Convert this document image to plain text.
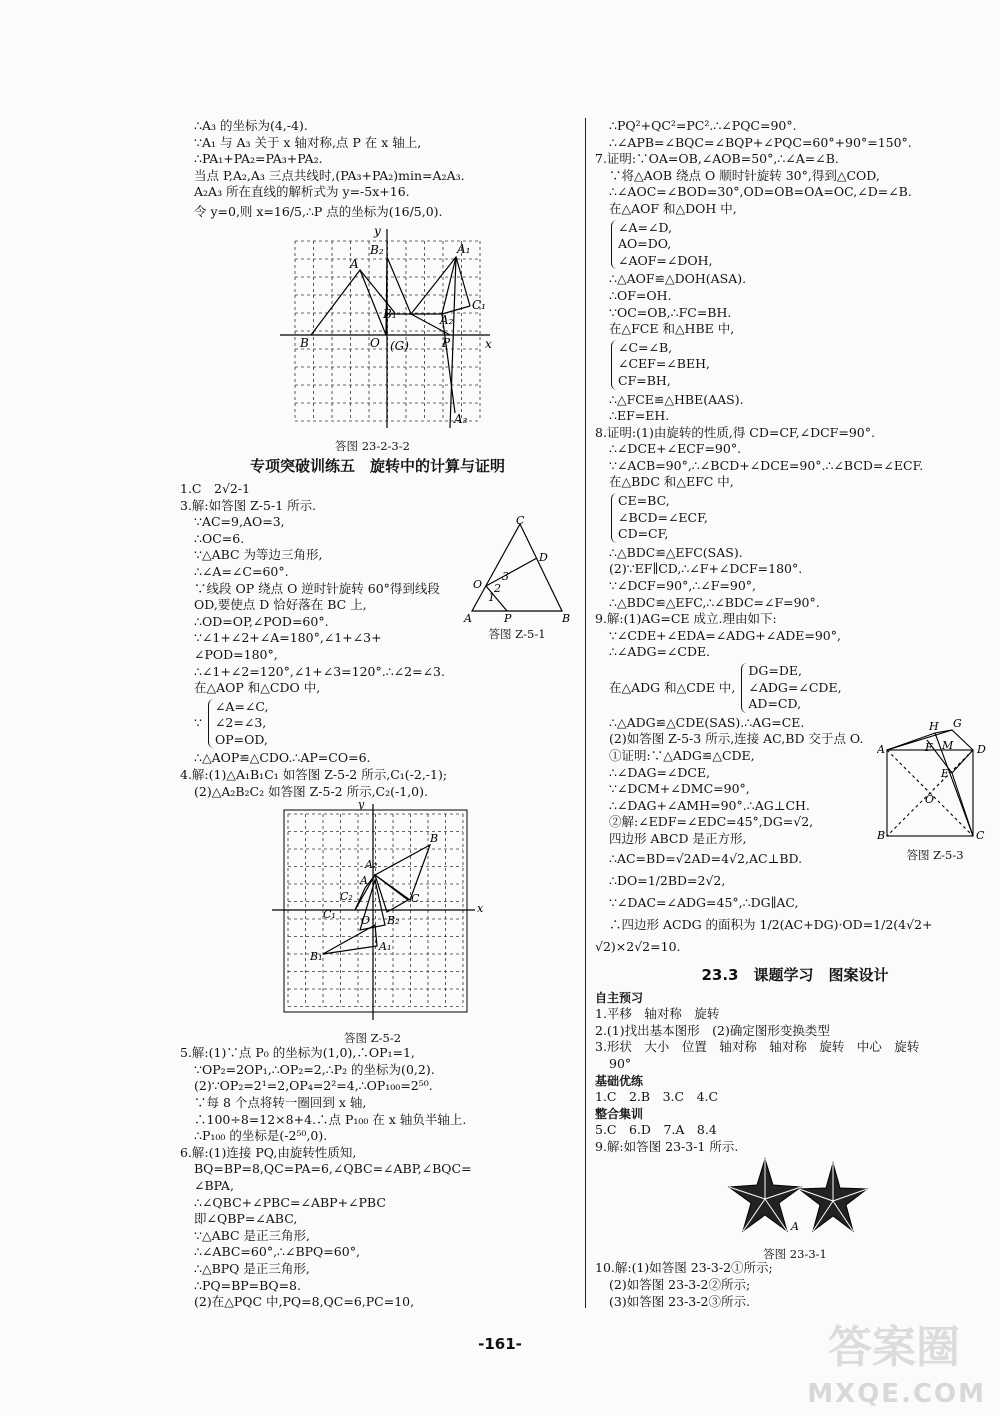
∴A₃ 的坐标为(4,-4).
∵A₁ 与 A₃ 关于 x 轴对称,点 P 在 x 轴上,
∴PA₁+PA₂=PA₃+PA₂.
当点 P,A₂,A₃ 三点共线时,(PA₃+PA₂)min=A₂A₃.
A₂A₃ 所在直线的解析式为 y=-5x+16.
令 y=0,则 x=16/5,∴P 点的坐标为(16/5,0).
y
x
B₂	A₁
A
C₁
B₁	A₂
B	O (G)	P
A₃
答图 23-2-3-2
专项突破训练五　旋转中的计算与证明
1.C　2√2-1
3.解:如答图 Z-5-1 所示.
∵AC=9,AO=3,
∴OC=6.
∵△ABC 为等边三角形,
∴∠A=∠C=60°.
∵线段 OP 绕点 O 逆时针旋转 60°得到线段
OD,要使点 D 恰好落在 BC 上,
∴OD=OP,∠POD=60°.
∵∠1+∠2+∠A=180°,∠1+∠3+
∠POD=180°,
∴∠1+∠2=120°,∠1+∠3=120°.∴∠2=∠3.
在△AOP 和△CDO 中,
∵
∠A=∠C,
∠2=∠3,
OP=OD,
∴△AOP≌△CDO.∴AP=CO=6.
C
D
O
3
2
1
A	P	B
答图 Z-5-1
4.解:(1)△A₁B₁C₁ 如答图 Z-5-2 所示,C₁(-2,-1);
(2)△A₂B₂C₂ 如答图 Z-5-2 所示,C₂(-1,0).
y
x
B
A₂
A
C₂	C
C₁ O B₂
A₁
B₁
答图 Z-5-2
5.解:(1)∵点 P₀ 的坐标为(1,0),∴OP₁=1,
∵OP₂=2OP₁,∴OP₂=2,∴P₂ 的坐标为(0,2).
(2)∵OP₂=2¹=2,OP₄=2²=4,∴OP₁₀₀=2⁵⁰.
∵每 8 个点将转一圈回到 x 轴,
∴100÷8=12×8+4.∴点 P₁₀₀ 在 x 轴负半轴上.
∴P₁₀₀ 的坐标是(-2⁵⁰,0).
6.解:(1)连接 PQ,由旋转性质知,
BQ=BP=8,QC=PA=6,∠QBC=∠ABP,∠BQC=
∠BPA,
∴∠QBC+∠PBC=∠ABP+∠PBC
即∠QBP=∠ABC,
∵△ABC 是正三角形,
∴∠ABC=60°,∴∠BPQ=60°,
∴△BPQ 是正三角形,
∴PQ=BP=BQ=8.
(2)在△PQC 中,PQ=8,QC=6,PC=10,
∴PQ²+QC²=PC².∴∠PQC=90°.
∴∠APB=∠BQC=∠BQP+∠PQC=60°+90°=150°.
7.证明:∵OA=OB,∠AOB=50°,∴∠A=∠B.
∵将△AOB 绕点 O 顺时针旋转 30°,得到△COD,
∴∠AOC=∠BOD=30°,OD=OB=OA=OC,∠D=∠B.
在△AOF 和△DOH 中,
∠A=∠D,
AO=DO,
∠AOF=∠DOH,
∴△AOF≌△DOH(ASA).
∴OF=OH.
∵OC=OB,∴FC=BH.
在△FCE 和△HBE 中,
∠C=∠B,
∠CEF=∠BEH,
CF=BH,
∴△FCE≌△HBE(AAS).
∴EF=EH.
8.证明:(1)由旋转的性质,得 CD=CF,∠DCF=90°.
∴∠DCE+∠ECF=90°.
∵∠ACB=90°,∴∠BCD+∠DCE=90°.∴∠BCD=∠ECF.
在△BDC 和△EFC 中,
CE=BC,
∠BCD=∠ECF,
CD=CF,
∴△BDC≌△EFC(SAS).
(2)∵EF∥CD,∴∠F+∠DCF=180°.
∵∠DCF=90°,∴∠F=90°,
∴△BDC≌△EFC,∴∠BDC=∠F=90°.
9.解:(1)AG=CE 成立.理由如下:
∵∠CDE+∠EDA=∠ADG+∠ADE=90°,
∴∠ADG=∠CDE.
在△ADG 和△CDE 中,
DG=DE,
∠ADG=∠CDE,
AD=CD,
∴△ADG≌△CDE(SAS).∴AG=CE.
(2)如答图 Z-5-3 所示,连接 AC,BD 交于点 O.
①证明:∵△ADG≌△CDE,
∴∠DAG=∠DCE,
∵∠DCM+∠DMC=90°,
∴∠DAG+∠AMH=90°.∴AG⊥CH.
②解:∠EDF=∠EDC=45°,DG=√2,
四边形 ABCD 是正方形,
∴AC=BD=√2AD=4√2,AC⊥BD.
∴DO=1/2BD=2√2,
∵∠DAC=∠ADG=45°,∴DG∥AC,
∴四边形 ACDG 的面积为 1/2(AC+DG)·OD=1/2(4√2+
√2)×2√2=10.
H G
A	F M D
E
O
B	C
答图 Z-5-3
23.3　课题学习　图案设计
自主预习
1.平移　轴对称　旋转
2.(1)找出基本图形　(2)确定图形变换类型
3.形状　大小　位置　轴对称　轴对称　旋转　中心　旋转
90°
基础优练
1.C　2.B　3.C　4.C
整合集训
5.C　6.D　7.A　8.4
9.解:如答图 23-3-1 所示.
A
答图 23-3-1
10.解:(1)如答图 23-3-2①所示;
(2)如答图 23-3-2②所示;
(3)如答图 23-3-2③所示.
-161-	答案圈
MXQE.COM
